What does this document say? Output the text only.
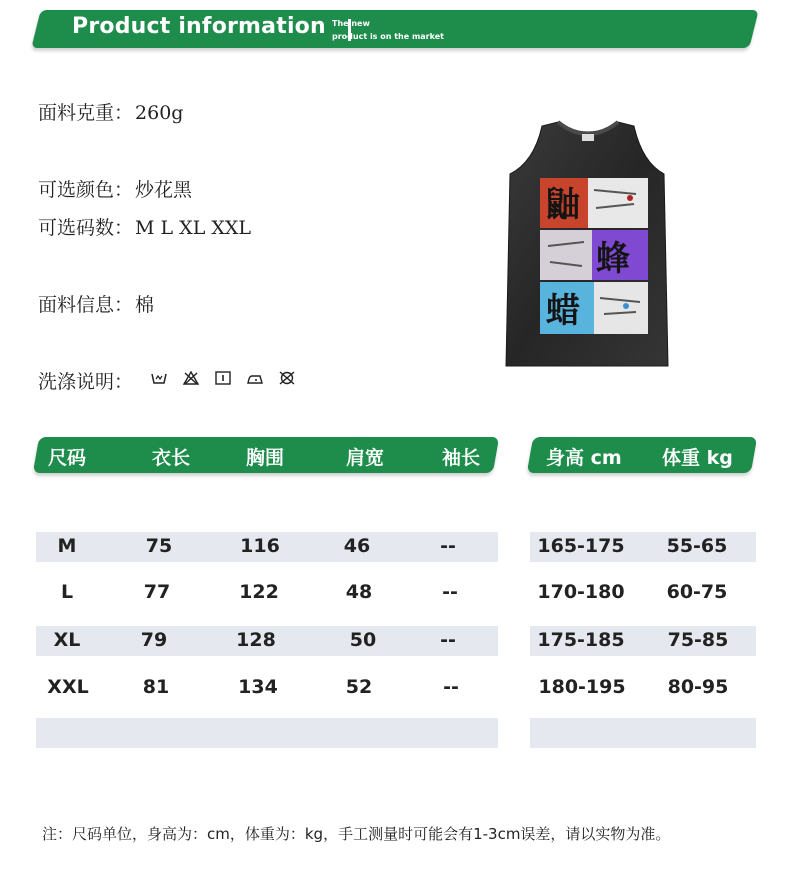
Product information The new
product is on the market
面料克重： 260g
可选颜色： 炒花黑
可选码数： M L XL XXL
面料信息： 棉
洗涤说明：
鼬
蜂
蜡
尺码	衣长	胸围	肩宽	袖长	身高 cm 体重 kg
M	75	116	46	--
L	77	122	48	--
XL	79	128	50	--
XXL	81	134	52	--
165-175 55-65
170-180 60-75
175-185 75-85
180-195 80-95
注：尺码单位，身高为：cm，体重为：kg，手工测量时可能会有1-3cm误差，请以实物为准。
